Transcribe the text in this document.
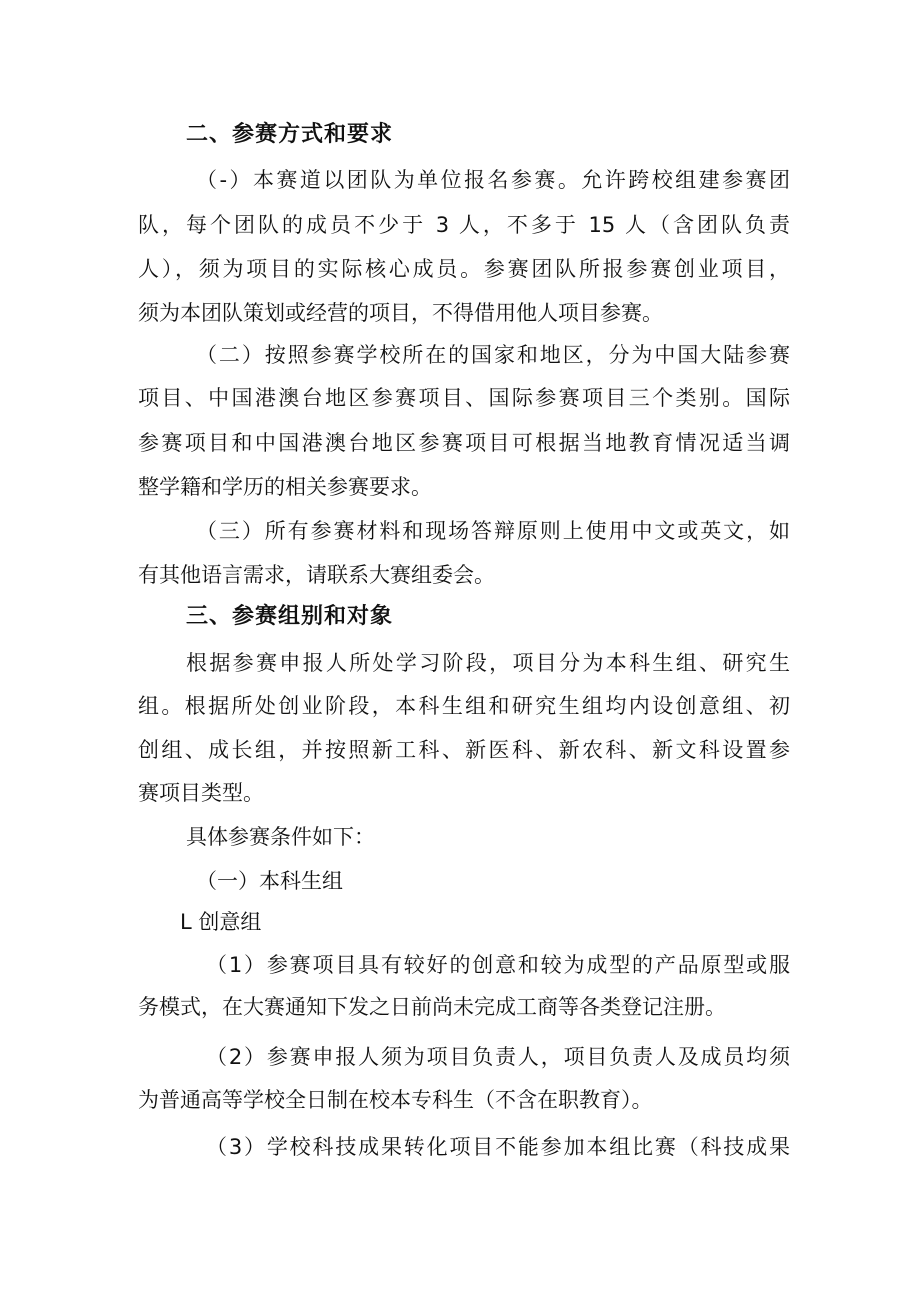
二、参赛方式和要求
（-）本赛道以团队为单位报名参赛。允许跨校组建参赛团
队，每个团队的成员不少于 3 人，不多于 15 人（含团队负责
人），须为项目的实际核心成员。参赛团队所报参赛创业项目，
须为本团队策划或经营的项目，不得借用他人项目参赛。
（二）按照参赛学校所在的国家和地区，分为中国大陆参赛
项目、中国港澳台地区参赛项目、国际参赛项目三个类别。国际
参赛项目和中国港澳台地区参赛项目可根据当地教育情况适当调
整学籍和学历的相关参赛要求。
（三）所有参赛材料和现场答辩原则上使用中文或英文，如
有其他语言需求，请联系大赛组委会。
三、参赛组别和对象
根据参赛申报人所处学习阶段，项目分为本科生组、研究生
组。根据所处创业阶段，本科生组和研究生组均内设创意组、初
创组、成长组，并按照新工科、新医科、新农科、新文科设置参
赛项目类型。
具体参赛条件如下：
（一）本科生组
L 创意组
（1）参赛项目具有较好的创意和较为成型的产品原型或服
务模式，在大赛通知下发之日前尚未完成工商等各类登记注册。
（2）参赛申报人须为项目负责人，项目负责人及成员均须
为普通高等学校全日制在校本专科生（不含在职教育）。
（3）学校科技成果转化项目不能参加本组比赛（科技成果
